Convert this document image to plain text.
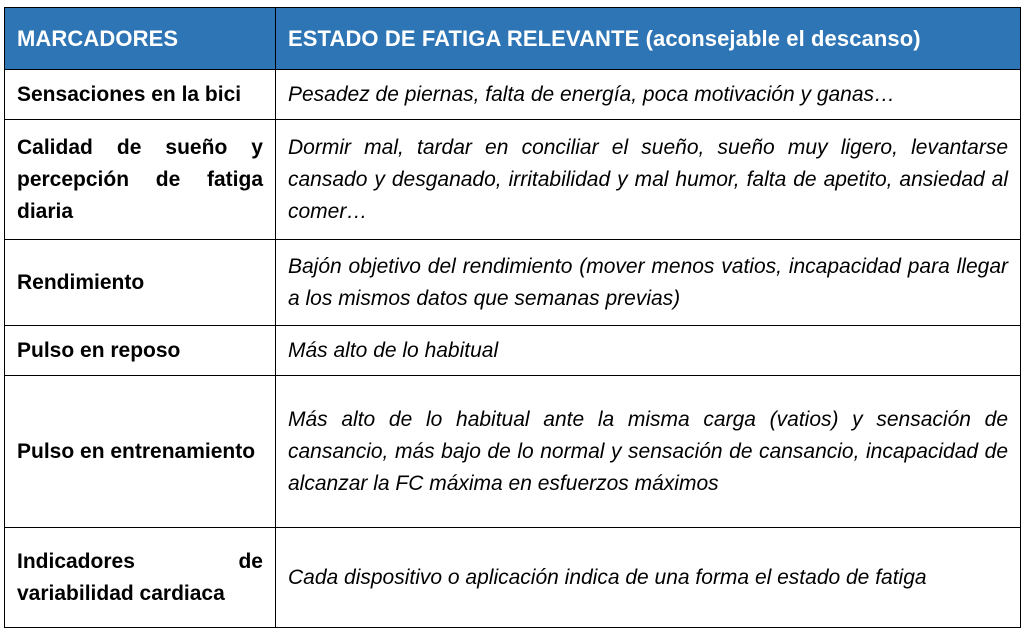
MARCADORES	ESTADO DE FATIGA RELEVANTE (aconsejable el descanso)
Sensaciones en la bici	Pesadez de piernas, falta de energía, poca motivación y ganas…
Calidad de sueño y percepción de fatiga diaria	Dormir mal, tardar en conciliar el sueño, sueño muy ligero, levantarse cansado y desganado, irritabilidad y mal humor, falta de apetito, ansiedad al comer…
Rendimiento	Bajón objetivo del rendimiento (mover menos vatios, incapacidad para llegar a los mismos datos que semanas previas)
Pulso en reposo	Más alto de lo habitual
Pulso en entrenamiento	Más alto de lo habitual ante la misma carga (vatios) y sensación de cansancio, más bajo de lo normal y sensación de cansancio, incapacidad de alcanzar la FC máxima en esfuerzos máximos
Indicadores de variabilidad cardiaca	Cada dispositivo o aplicación indica de una forma el estado de fatiga
